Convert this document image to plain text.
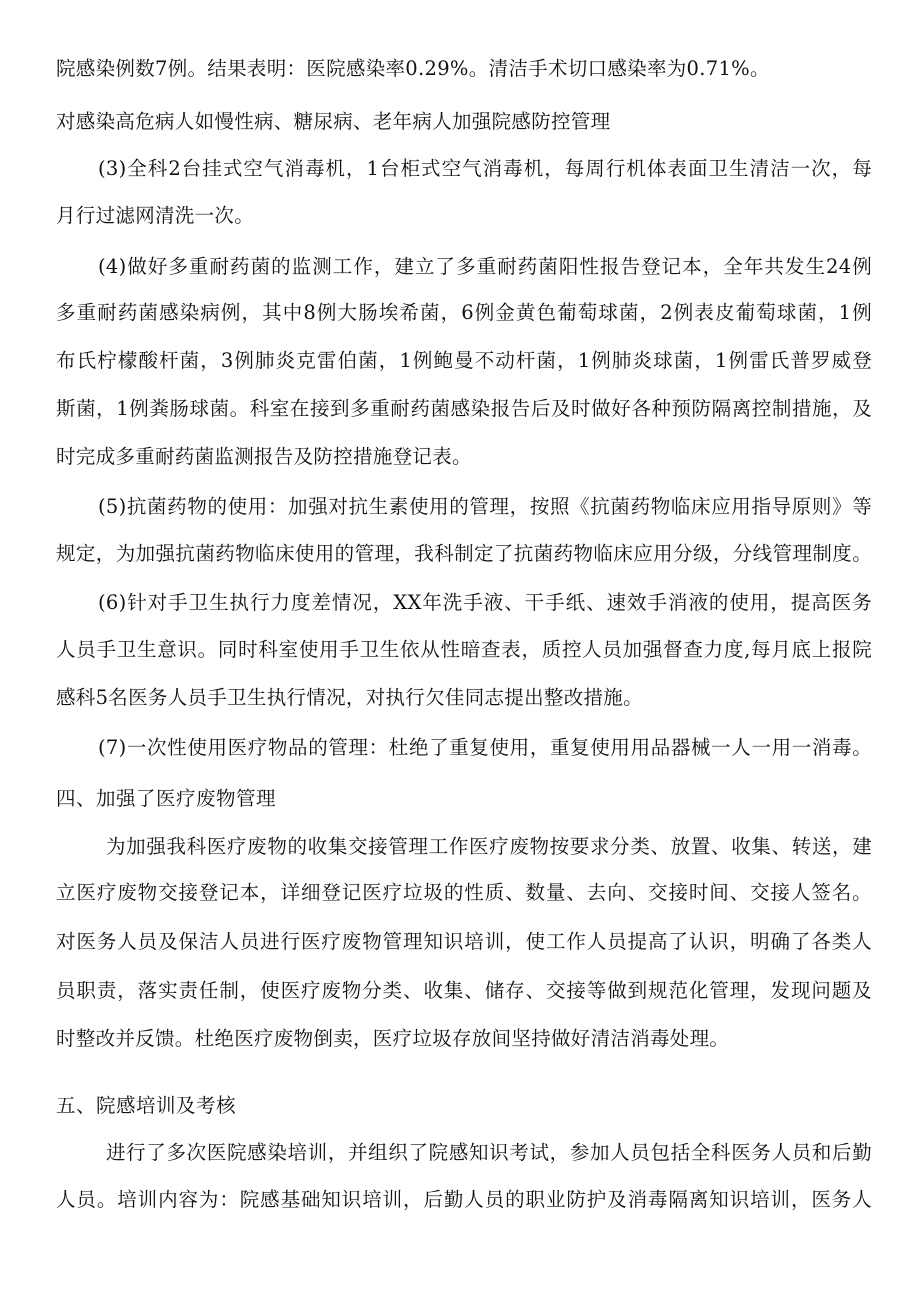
院感染例数7例。结果表明：医院感染率0.29%。清洁手术切口感染率为0.71%。
对感染高危病人如慢性病、糖尿病、老年病人加强院感防控管理
(3)全科2台挂式空气消毒机，1台柜式空气消毒机，每周行机体表面卫生清洁一次，每
月行过滤网清洗一次。
(4)做好多重耐药菌的监测工作，建立了多重耐药菌阳性报告登记本，全年共发生24例
多重耐药菌感染病例，其中8例大肠埃希菌，6例金黄色葡萄球菌，2例表皮葡萄球菌，1例
布氏柠檬酸杆菌，3例肺炎克雷伯菌，1例鲍曼不动杆菌，1例肺炎球菌，1例雷氏普罗威登
斯菌，1例粪肠球菌。科室在接到多重耐药菌感染报告后及时做好各种预防隔离控制措施，及
时完成多重耐药菌监测报告及防控措施登记表。
(5)抗菌药物的使用：加强对抗生素使用的管理，按照《抗菌药物临床应用指导原则》等
规定，为加强抗菌药物临床使用的管理，我科制定了抗菌药物临床应用分级，分线管理制度。
(6)针对手卫生执行力度差情况，XX年洗手液、干手纸、速效手消液的使用，提高医务
人员手卫生意识。同时科室使用手卫生依从性暗查表，质控人员加强督查力度,每月底上报院
感科5名医务人员手卫生执行情况，对执行欠佳同志提出整改措施。
(7)一次性使用医疗物品的管理：杜绝了重复使用，重复使用用品器械一人一用一消毒。
四、加强了医疗废物管理
为加强我科医疗废物的收集交接管理工作医疗废物按要求分类、放置、收集、转送，建
立医疗废物交接登记本，详细登记医疗垃圾的性质、数量、去向、交接时间、交接人签名。
对医务人员及保洁人员进行医疗废物管理知识培训，使工作人员提高了认识，明确了各类人
员职责，落实责任制，使医疗废物分类、收集、储存、交接等做到规范化管理，发现问题及
时整改并反馈。杜绝医疗废物倒卖，医疗垃圾存放间坚持做好清洁消毒处理。
五、院感培训及考核
进行了多次医院感染培训，并组织了院感知识考试，参加人员包括全科医务人员和后勤
人员。培训内容为：院感基础知识培训，后勤人员的职业防护及消毒隔离知识培训，医务人
